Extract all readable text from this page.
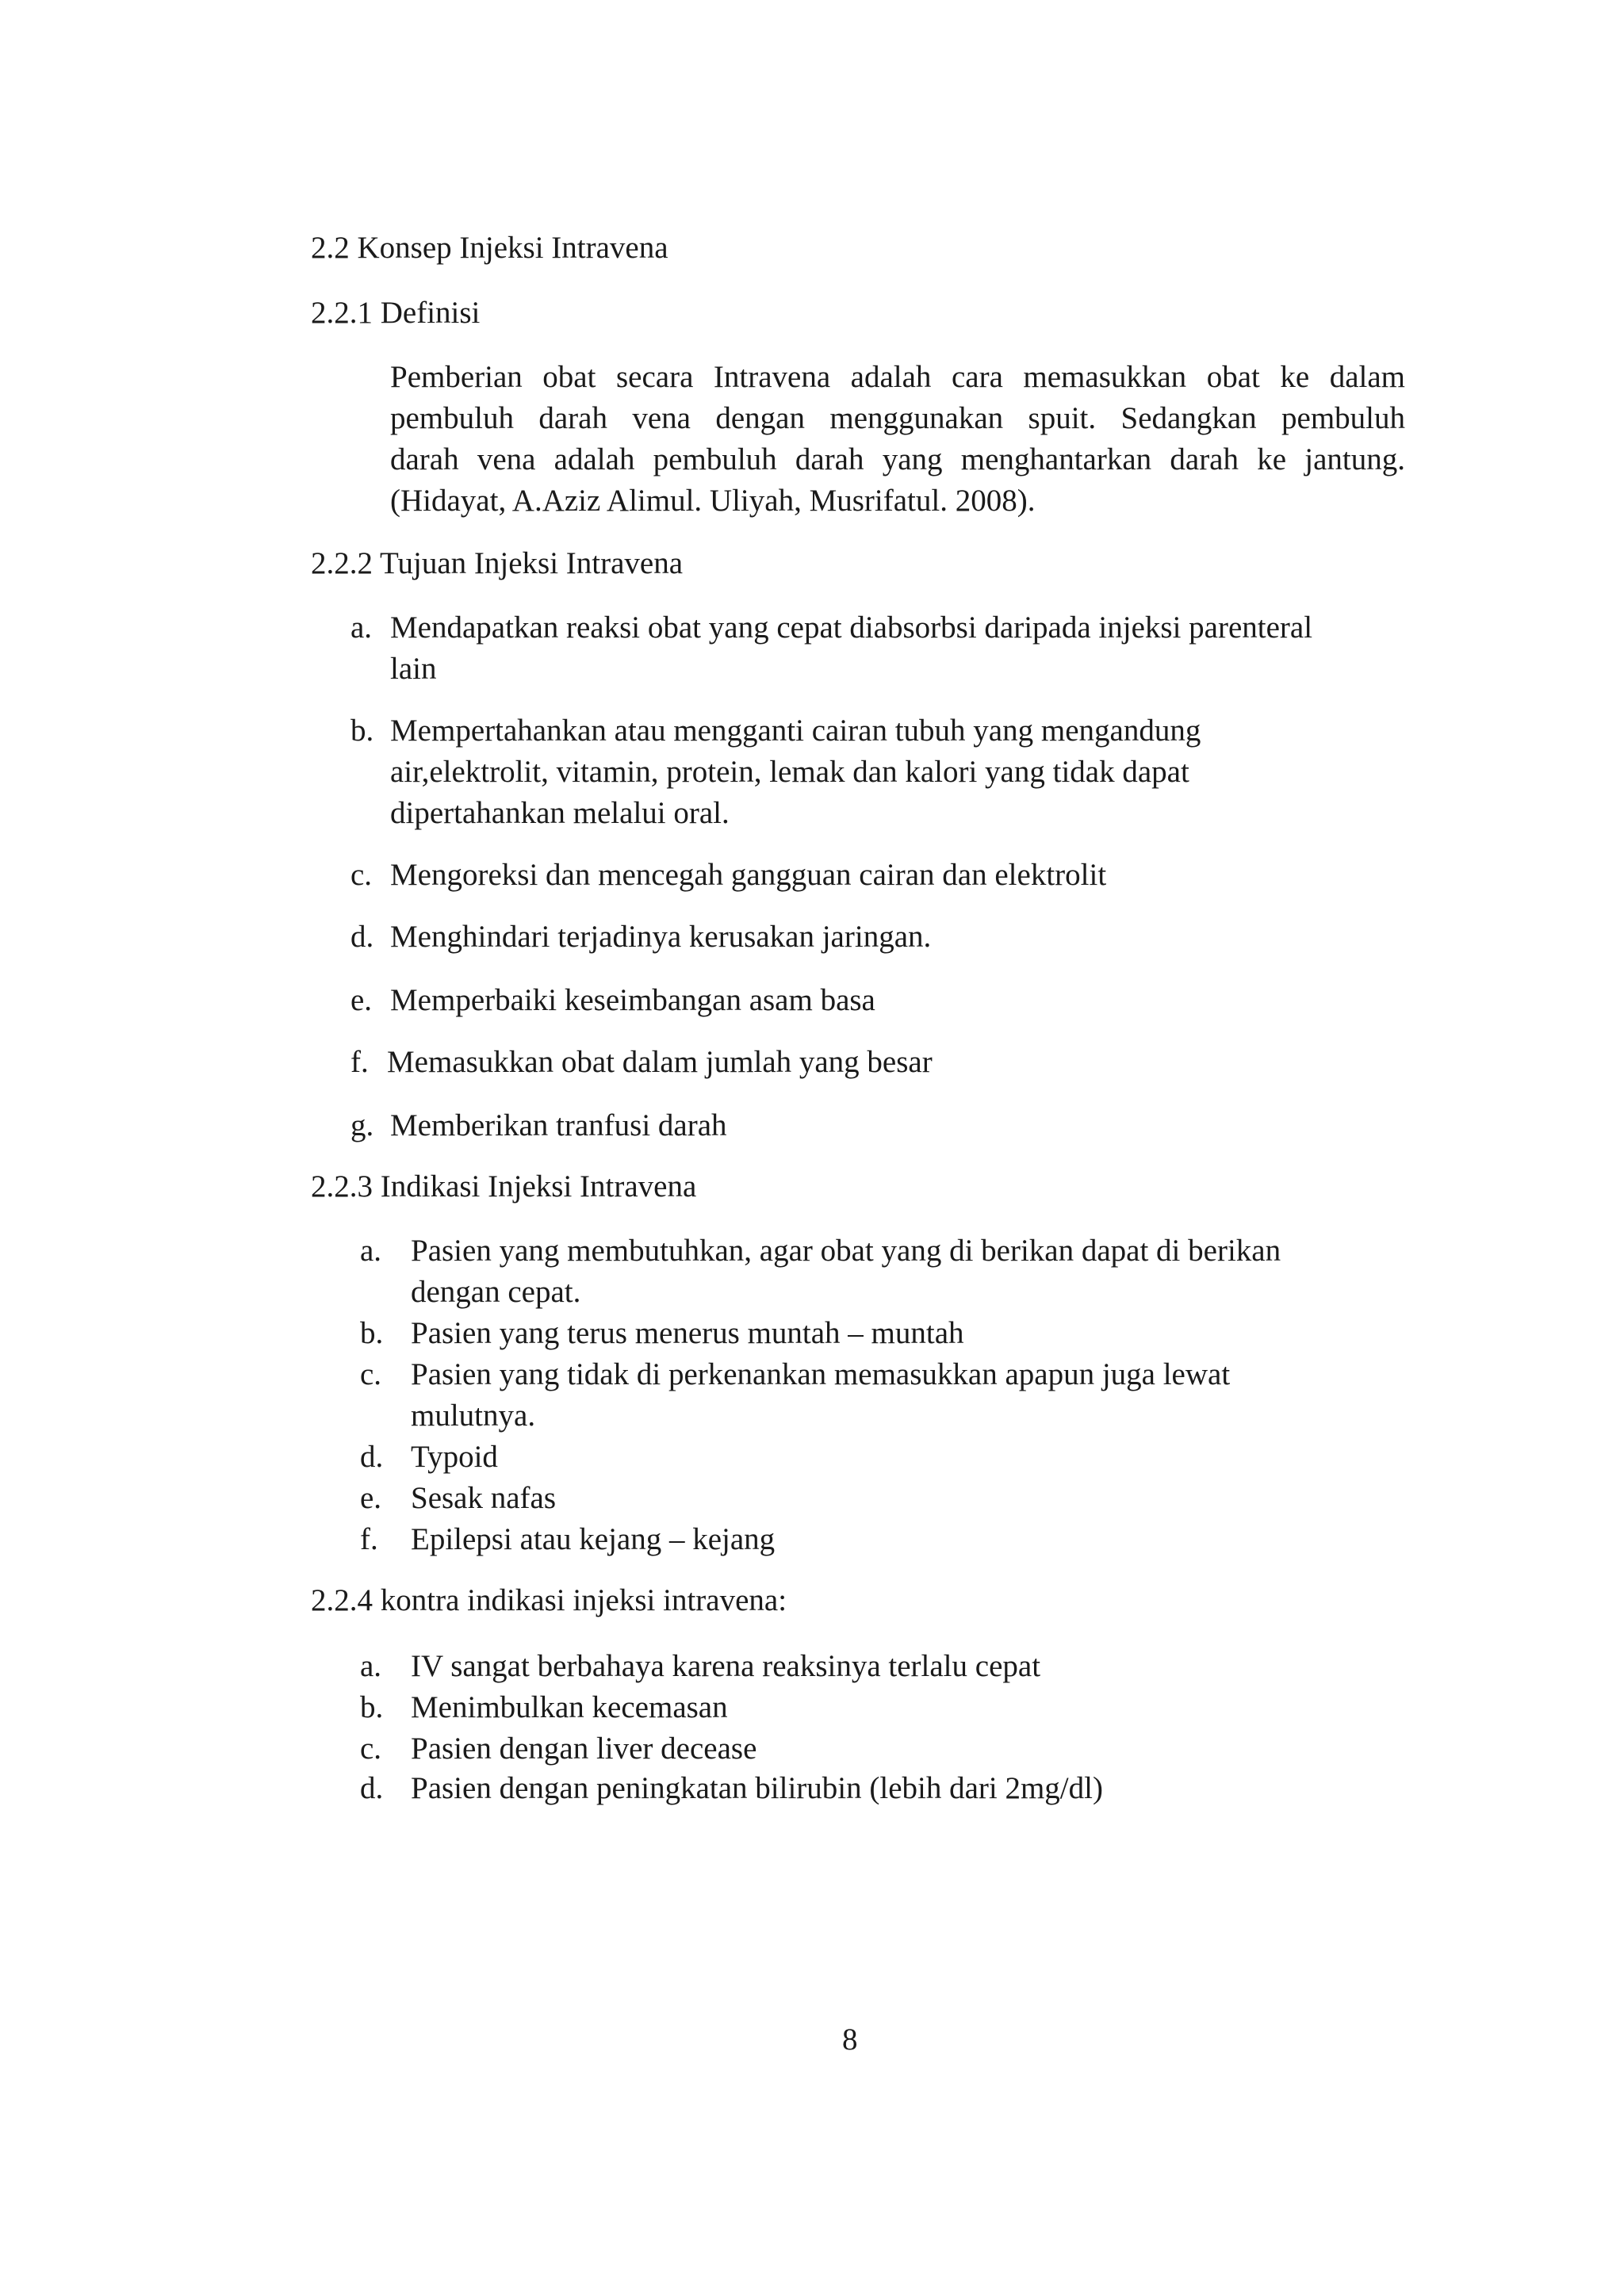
2.2 Konsep Injeksi Intravena

2.2.1 Definisi

Pemberian obat secara Intravena adalah cara memasukkan obat ke dalam
pembuluh darah vena dengan menggunakan spuit. Sedangkan pembuluh
darah vena adalah pembuluh darah yang menghantarkan darah ke jantung.
(Hidayat, A.Aziz Alimul. Uliyah, Musrifatul. 2008).

2.2.2 Tujuan Injeksi Intravena

a. Mendapatkan reaksi obat yang cepat diabsorbsi daripada injeksi parenteral
lain
b. Mempertahankan atau mengganti cairan tubuh yang mengandung
air,elektrolit, vitamin, protein, lemak dan kalori yang tidak dapat
dipertahankan melalui oral.
c. Mengoreksi dan mencegah gangguan cairan dan elektrolit
d. Menghindari terjadinya kerusakan jaringan.
e. Memperbaiki keseimbangan asam basa
f. Memasukkan obat dalam jumlah yang besar
g. Memberikan tranfusi darah

2.2.3 Indikasi Injeksi Intravena

a. Pasien yang membutuhkan, agar obat yang di berikan dapat di berikan
dengan cepat.
b. Pasien yang terus menerus muntah – muntah
c. Pasien yang tidak di perkenankan memasukkan apapun juga lewat
mulutnya.
d. Typoid
e. Sesak nafas
f. Epilepsi atau kejang – kejang

2.2.4 kontra indikasi injeksi intravena:

a. IV sangat berbahaya karena reaksinya terlalu cepat
b. Menimbulkan kecemasan
c. Pasien dengan liver decease
d. Pasien dengan peningkatan bilirubin (lebih dari 2mg/dl)

8
